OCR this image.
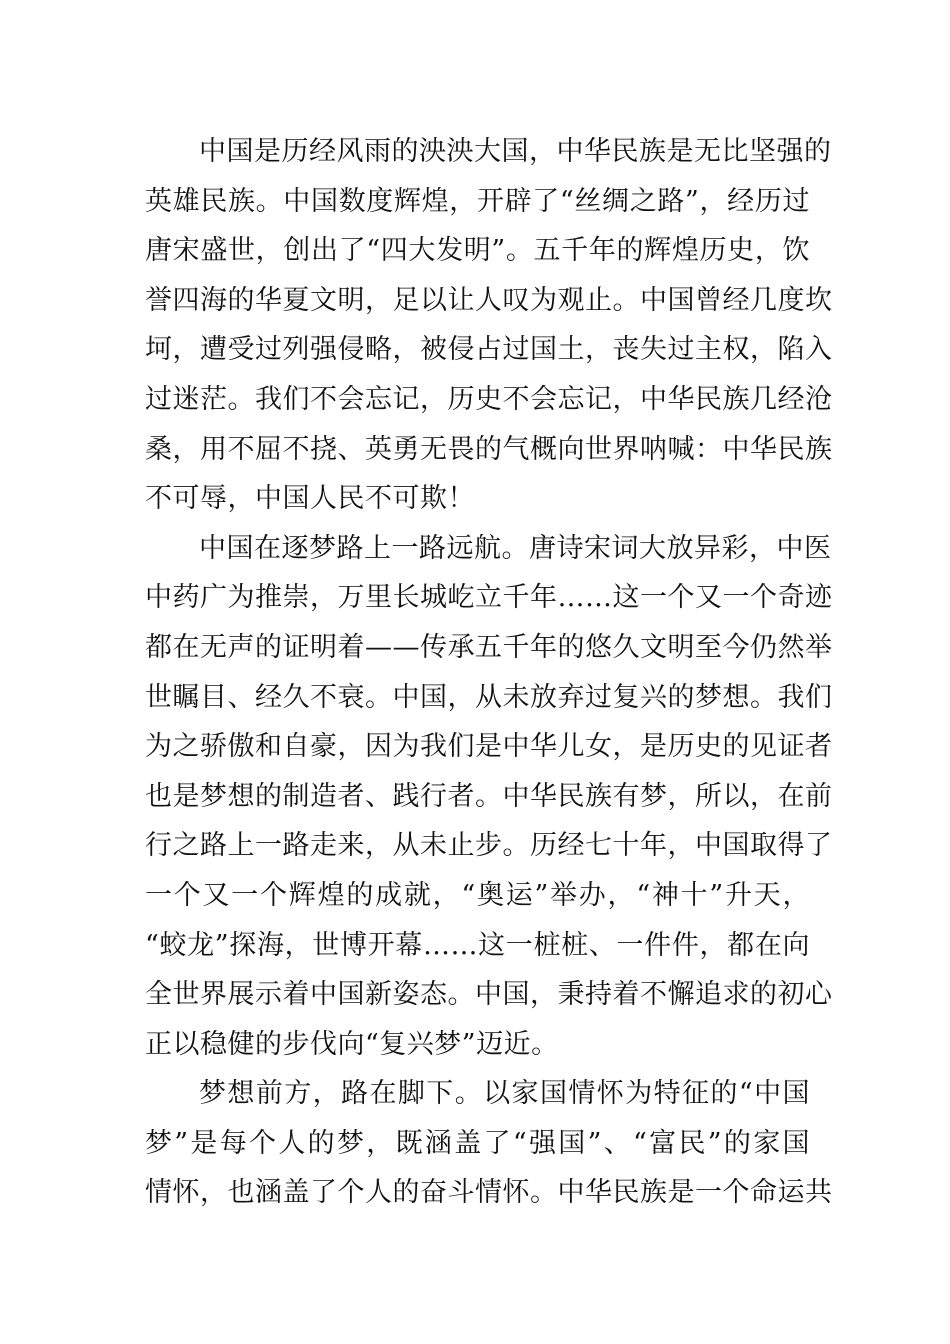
中国是历经风雨的泱泱大国，中华民族是无比坚强的
英雄民族。中国数度辉煌，开辟了“丝绸之路”，经历过
唐宋盛世，创出了“四大发明”。五千年的辉煌历史，饮
誉四海的华夏文明，足以让人叹为观止。中国曾经几度坎
坷，遭受过列强侵略，被侵占过国土，丧失过主权，陷入
过迷茫。我们不会忘记，历史不会忘记，中华民族几经沧
桑，用不屈不挠、英勇无畏的气概向世界呐喊：中华民族
不可辱，中国人民不可欺！
中国在逐梦路上一路远航。唐诗宋词大放异彩，中医
中药广为推崇，万里长城屹立千年……这一个又一个奇迹
都在无声的证明着——传承五千年的悠久文明至今仍然举
世瞩目、经久不衰。中国，从未放弃过复兴的梦想。我们
为之骄傲和自豪，因为我们是中华儿女，是历史的见证者
也是梦想的制造者、践行者。中华民族有梦，所以，在前
行之路上一路走来，从未止步。历经七十年，中国取得了
一个又一个辉煌的成就，“奥运”举办，“神十”升天，
“蛟龙”探海，世博开幕……这一桩桩、一件件，都在向
全世界展示着中国新姿态。中国，秉持着不懈追求的初心
正以稳健的步伐向“复兴梦”迈近。
梦想前方，路在脚下。以家国情怀为特征的“中国
梦”是每个人的梦，既涵盖了“强国”、“富民”的家国
情怀，也涵盖了个人的奋斗情怀。中华民族是一个命运共
